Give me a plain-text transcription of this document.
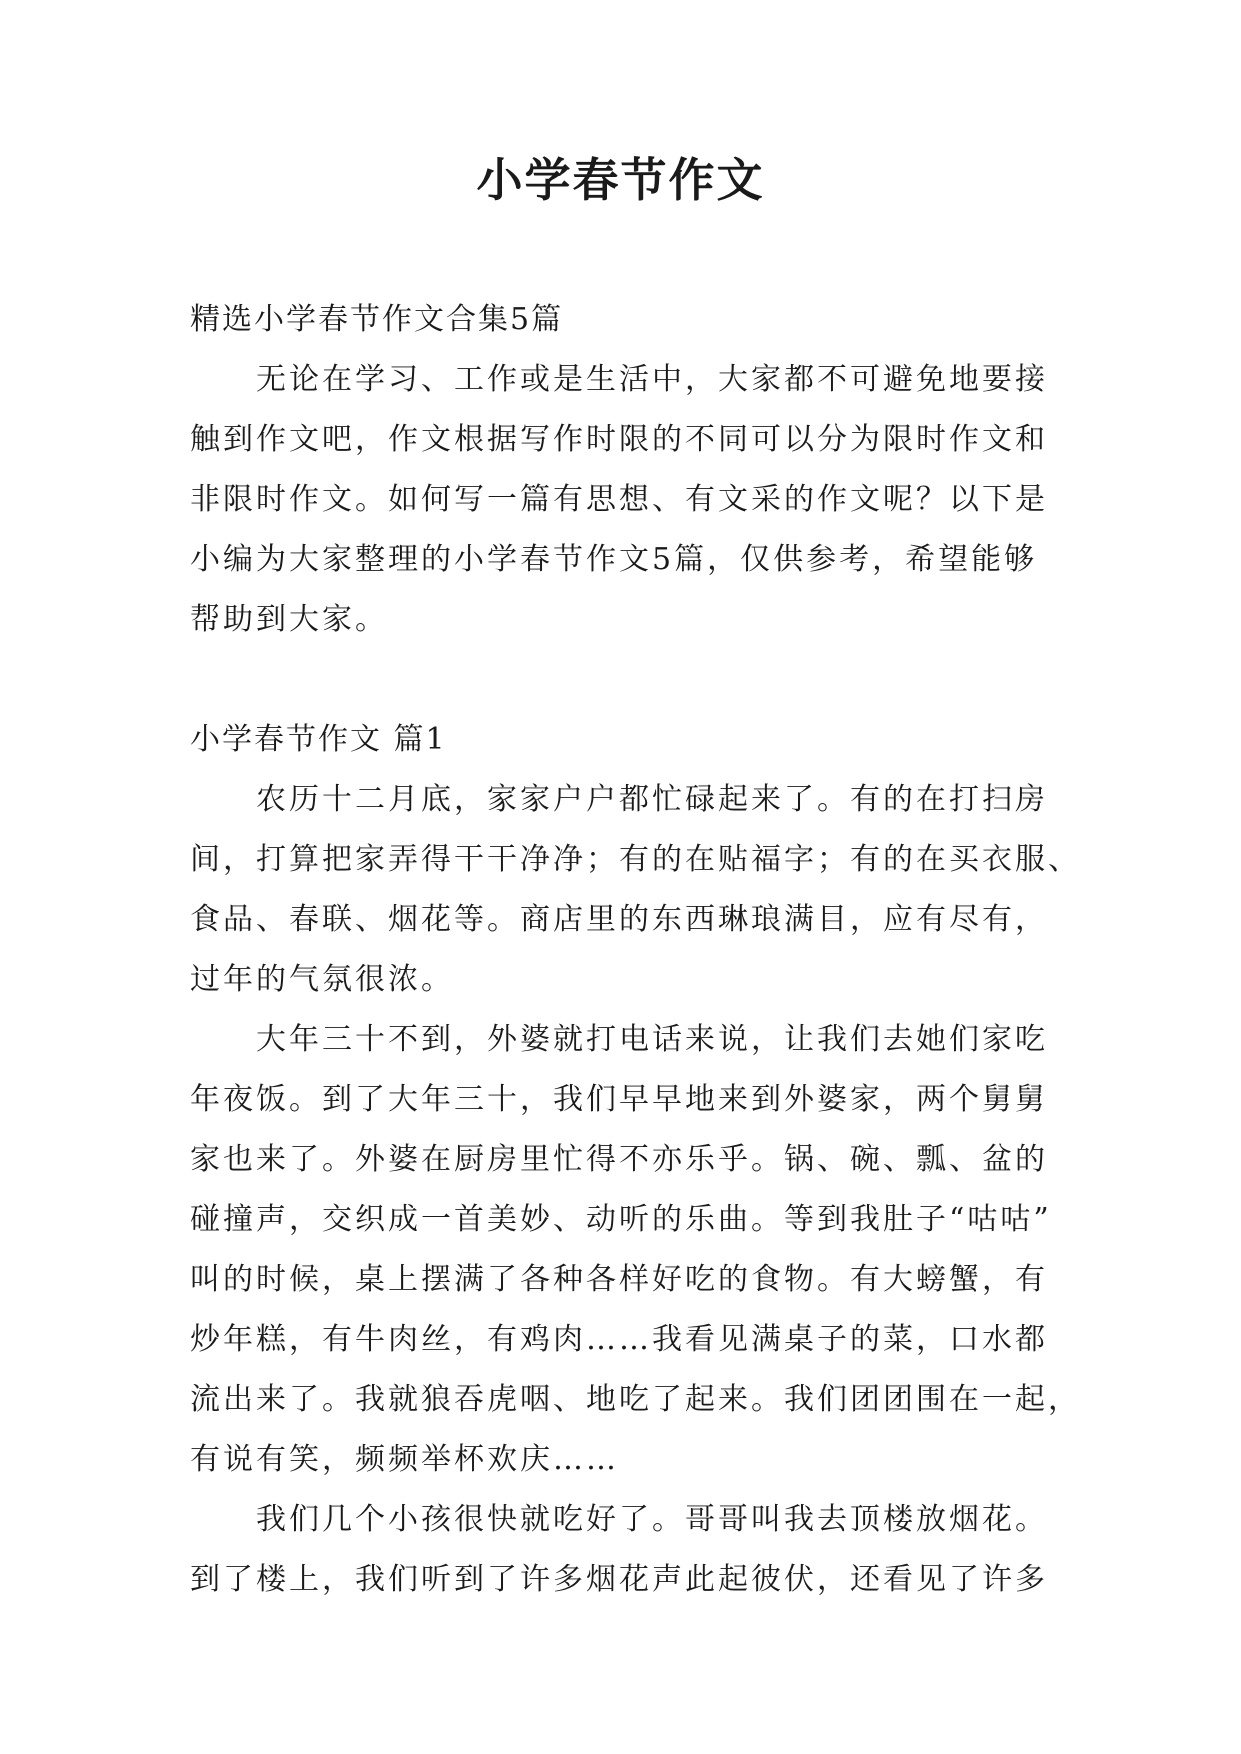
小学春节作文

精选小学春节作文合集5篇

无论在学习、工作或是生活中，大家都不可避免地要接

触到作文吧，作文根据写作时限的不同可以分为限时作文和

非限时作文。如何写一篇有思想、有文采的作文呢？以下是

小编为大家整理的小学春节作文5篇，仅供参考，希望能够

帮助到大家。

小学春节作文 篇1

农历十二月底，家家户户都忙碌起来了。有的在打扫房

间，打算把家弄得干干净净；有的在贴福字；有的在买衣服、

食品、春联、烟花等。商店里的东西琳琅满目，应有尽有，

过年的气氛很浓。

大年三十不到，外婆就打电话来说，让我们去她们家吃

年夜饭。到了大年三十，我们早早地来到外婆家，两个舅舅

家也来了。外婆在厨房里忙得不亦乐乎。锅、碗、瓢、盆的

碰撞声，交织成一首美妙、动听的乐曲。等到我肚子“咕咕”

叫的时候，桌上摆满了各种各样好吃的食物。有大螃蟹，有

炒年糕，有牛肉丝，有鸡肉……我看见满桌子的菜，口水都

流出来了。我就狼吞虎咽、地吃了起来。我们团团围在一起，

有说有笑，频频举杯欢庆……

我们几个小孩很快就吃好了。哥哥叫我去顶楼放烟花。

到了楼上，我们听到了许多烟花声此起彼伏，还看见了许多
